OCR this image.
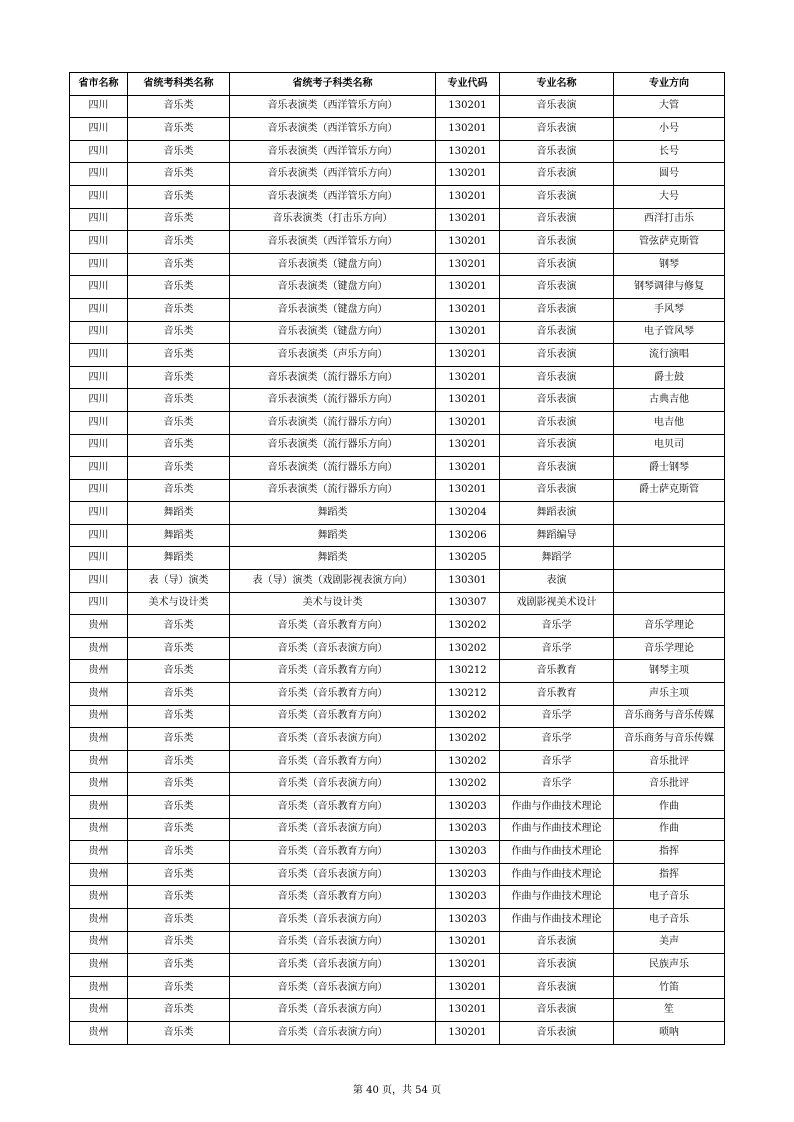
省市名称	省统考科类名称	省统考子科类名称	专业代码	专业名称	专业方向
四川	音乐类	音乐表演类（西洋管乐方向）	130201	音乐表演	大管
四川	音乐类	音乐表演类（西洋管乐方向）	130201	音乐表演	小号
四川	音乐类	音乐表演类（西洋管乐方向）	130201	音乐表演	长号
四川	音乐类	音乐表演类（西洋管乐方向）	130201	音乐表演	圆号
四川	音乐类	音乐表演类（西洋管乐方向）	130201	音乐表演	大号
四川	音乐类	音乐表演类（打击乐方向）	130201	音乐表演	西洋打击乐
四川	音乐类	音乐表演类（西洋管乐方向）	130201	音乐表演	管弦萨克斯管
四川	音乐类	音乐表演类（键盘方向）	130201	音乐表演	钢琴
四川	音乐类	音乐表演类（键盘方向）	130201	音乐表演	钢琴调律与修复
四川	音乐类	音乐表演类（键盘方向）	130201	音乐表演	手风琴
四川	音乐类	音乐表演类（键盘方向）	130201	音乐表演	电子管风琴
四川	音乐类	音乐表演类（声乐方向）	130201	音乐表演	流行演唱
四川	音乐类	音乐表演类（流行器乐方向）	130201	音乐表演	爵士鼓
四川	音乐类	音乐表演类（流行器乐方向）	130201	音乐表演	古典吉他
四川	音乐类	音乐表演类（流行器乐方向）	130201	音乐表演	电吉他
四川	音乐类	音乐表演类（流行器乐方向）	130201	音乐表演	电贝司
四川	音乐类	音乐表演类（流行器乐方向）	130201	音乐表演	爵士钢琴
四川	音乐类	音乐表演类（流行器乐方向）	130201	音乐表演	爵士萨克斯管
四川	舞蹈类	舞蹈类	130204	舞蹈表演	
四川	舞蹈类	舞蹈类	130206	舞蹈编导	
四川	舞蹈类	舞蹈类	130205	舞蹈学	
四川	表（导）演类	表（导）演类（戏剧影视表演方向）	130301	表演	
四川	美术与设计类	美术与设计类	130307	戏剧影视美术设计	
贵州	音乐类	音乐类（音乐教育方向）	130202	音乐学	音乐学理论
贵州	音乐类	音乐类（音乐表演方向）	130202	音乐学	音乐学理论
贵州	音乐类	音乐类（音乐教育方向）	130212	音乐教育	钢琴主项
贵州	音乐类	音乐类（音乐教育方向）	130212	音乐教育	声乐主项
贵州	音乐类	音乐类（音乐教育方向）	130202	音乐学	音乐商务与音乐传媒
贵州	音乐类	音乐类（音乐表演方向）	130202	音乐学	音乐商务与音乐传媒
贵州	音乐类	音乐类（音乐教育方向）	130202	音乐学	音乐批评
贵州	音乐类	音乐类（音乐表演方向）	130202	音乐学	音乐批评
贵州	音乐类	音乐类（音乐教育方向）	130203	作曲与作曲技术理论	作曲
贵州	音乐类	音乐类（音乐表演方向）	130203	作曲与作曲技术理论	作曲
贵州	音乐类	音乐类（音乐教育方向）	130203	作曲与作曲技术理论	指挥
贵州	音乐类	音乐类（音乐表演方向）	130203	作曲与作曲技术理论	指挥
贵州	音乐类	音乐类（音乐教育方向）	130203	作曲与作曲技术理论	电子音乐
贵州	音乐类	音乐类（音乐表演方向）	130203	作曲与作曲技术理论	电子音乐
贵州	音乐类	音乐类（音乐表演方向）	130201	音乐表演	美声
贵州	音乐类	音乐类（音乐表演方向）	130201	音乐表演	民族声乐
贵州	音乐类	音乐类（音乐表演方向）	130201	音乐表演	竹笛
贵州	音乐类	音乐类（音乐表演方向）	130201	音乐表演	笙
贵州	音乐类	音乐类（音乐表演方向）	130201	音乐表演	唢呐
第 40 页，共 54 页
